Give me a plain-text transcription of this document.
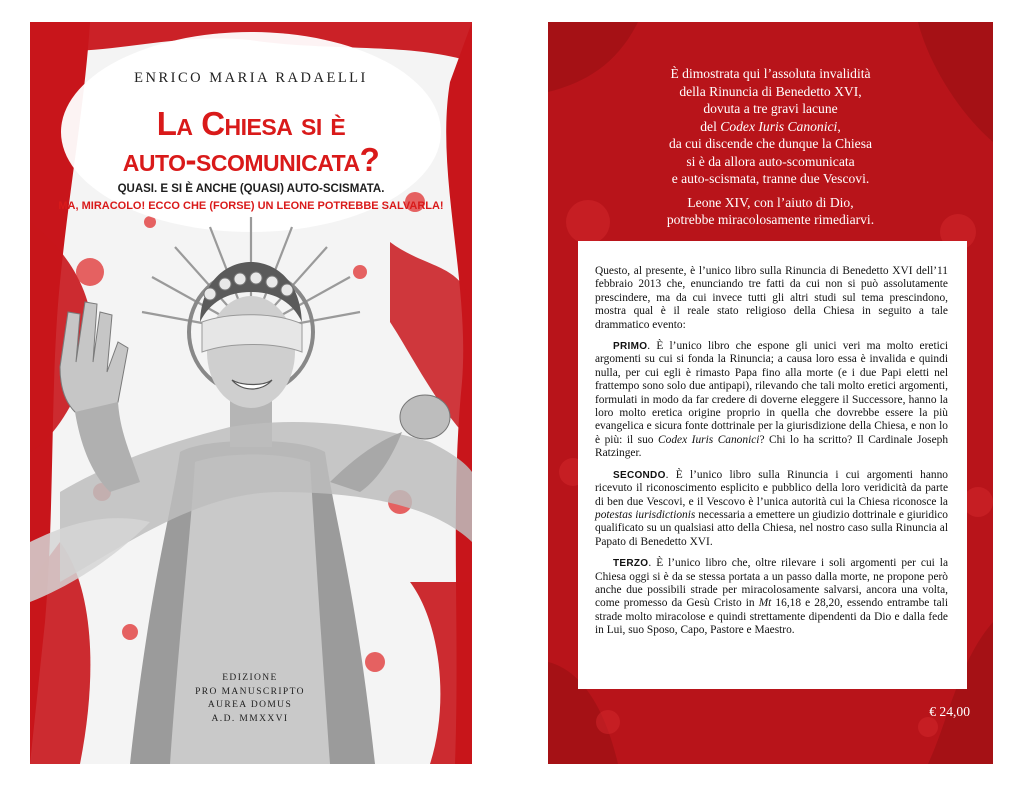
ENRICO MARIA RADAELLI
La Chiesa si è
auto-scomunicata?
QUASI. E SI È ANCHE (QUASI) AUTO-SCISMATA.
MA, MIRACOLO! ECCO CHE (FORSE) UN LEONE POTREBBE SALVARLA!
EDIZIONE
PRO MANUSCRIPTO
AUREA DOMUS
A.D. MMXXVI

È dimostrata qui l’assoluta invalidità

della Rinuncia di Benedetto XVI,

dovuta a tre gravi lacune

del Codex Iuris Canonici,

da cui discende che dunque la Chiesa

si è da allora auto-scomunicata

e auto-scismata, tranne due Vescovi.

Leone XIV, con l’aiuto di Dio,

potrebbe miracolosamente rimediarvi.

Questo, al presente, è l’unico libro sulla Rinuncia di Benedetto XVI dell’11 febbraio 2013 che, enunciando tre fatti da cui non si può assolutamente prescindere, ma da cui invece tutti gli altri studi sul tema prescindono, mostra qual è il reale stato religioso della Chiesa in seguito a tale drammatico evento:

PRIMO. È l’unico libro che espone gli unici veri ma molto eretici argomenti su cui si fonda la Rinuncia; a causa loro essa è invalida e quindi nulla, per cui egli è rimasto Papa fino alla morte (e i due Papi eletti nel frattempo sono solo due antipapi), rilevando che tali molto eretici argomenti, formulati in modo da far credere di doverne eleggere il Successore, hanno la loro molto eretica origine proprio in quella che dovrebbe essere la più evangelica e sicura fonte dottrinale per la giurisdizione della Chiesa, e non lo è più: il suo Codex Iuris Canonici? Chi lo ha scritto? Il Cardinale Joseph Ratzinger.

SECONDO. È l’unico libro sulla Rinuncia i cui argomenti hanno ricevuto il riconoscimento esplicito e pubblico della loro veridicità da parte di ben due Vescovi, e il Vescovo è l’unica autorità cui la Chiesa riconosce la potestas iurisdictionis necessaria a emettere un giudizio dottrinale e giuridico qualificato su un qualsiasi atto della Chiesa, nel nostro caso sulla Rinuncia al Papato di Benedetto XVI.

TERZO. È l’unico libro che, oltre rilevare i soli argomenti per cui la Chiesa oggi si è da se stessa portata a un passo dalla morte, ne propone però anche due possibili strade per miracolosamente salvarsi, ancora una volta, come promesso da Gesù Cristo in Mt 16,18 e 28,20, essendo entrambe tali strade molto miracolose e quindi strettamente dipendenti da Dio e dalla fede in Lui, suo Sposo, Capo, Pastore e Maestro.

€ 24,00
